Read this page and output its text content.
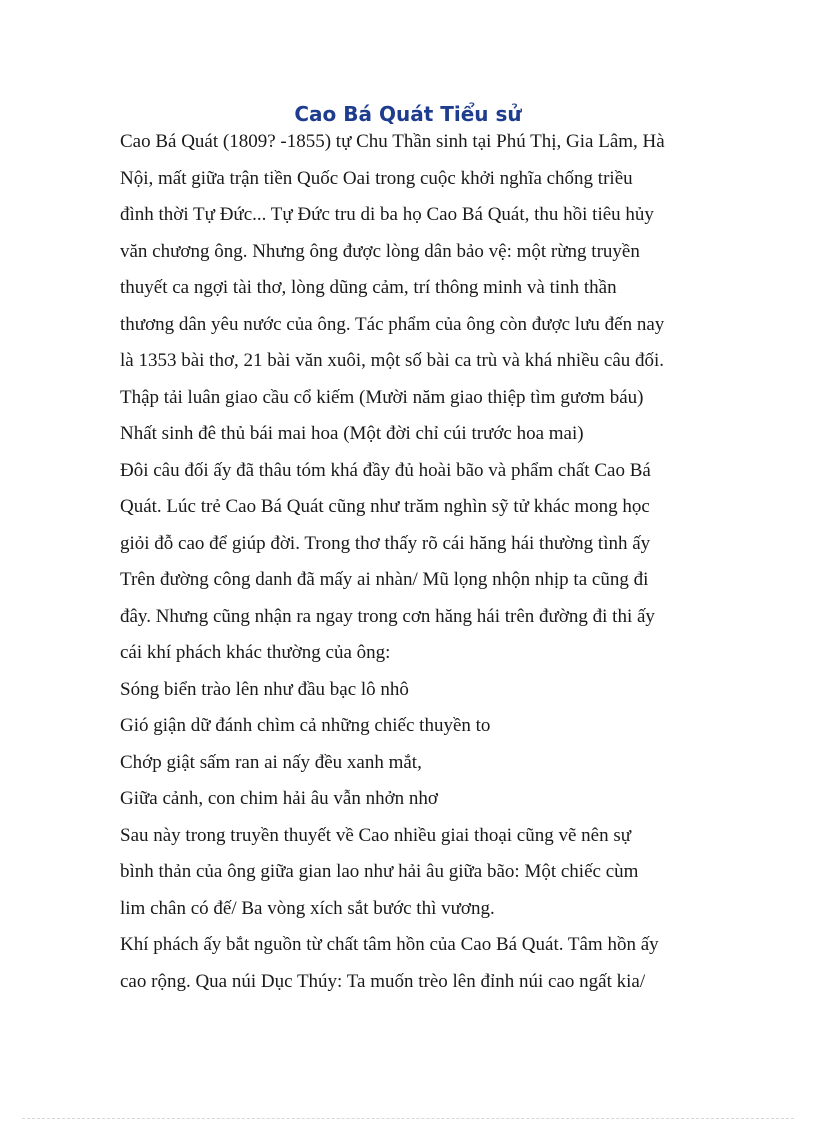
Cao Bá Quát Tiểu sử
Cao Bá Quát (1809? -1855) tự Chu Thần sinh tại Phú Thị, Gia Lâm, Hà
Nội, mất giữa trận tiền Quốc Oai trong cuộc khởi nghĩa chống triều
đình thời Tự Đức... Tự Đức tru di ba họ Cao Bá Quát, thu hồi tiêu hủy
văn chương ông. Nhưng ông được lòng dân bảo vệ: một rừng truyền
thuyết ca ngợi tài thơ, lòng dũng cảm, trí thông minh và tinh thần
thương dân yêu nước của ông. Tác phẩm của ông còn được lưu đến nay
là 1353 bài thơ, 21 bài văn xuôi, một số bài ca trù và khá nhiều câu đối.
Thập tải luân giao cầu cổ kiếm (Mười năm giao thiệp tìm gươm báu)
Nhất sinh đê thủ bái mai hoa (Một đời chỉ cúi trước hoa mai)
Đôi câu đối ấy đã thâu tóm khá đầy đủ hoài bão và phẩm chất Cao Bá
Quát. Lúc trẻ Cao Bá Quát cũng như trăm nghìn sỹ tử khác mong học
giỏi đỗ cao để giúp đời. Trong thơ thấy rõ cái hăng hái thường tình ấy
Trên đường công danh đã mấy ai nhàn/ Mũ lọng nhộn nhịp ta cũng đi
đây. Nhưng cũng nhận ra ngay trong cơn hăng hái trên đường đi thi ấy
cái khí phách khác thường của ông:
Sóng biển trào lên như đầu bạc lô nhô
Gió giận dữ đánh chìm cả những chiếc thuyền to
Chớp giật sấm ran ai nấy đều xanh mắt,
Giữa cảnh, con chim hải âu vẫn nhởn nhơ
Sau này trong truyền thuyết về Cao nhiều giai thoại cũng vẽ nên sự
bình thản của ông giữa gian lao như hải âu giữa bão: Một chiếc cùm
lim chân có đế/ Ba vòng xích sắt bước thì vương.
Khí phách ấy bắt nguồn từ chất tâm hồn của Cao Bá Quát. Tâm hồn ấy
cao rộng. Qua núi Dục Thúy: Ta muốn trèo lên đỉnh núi cao ngất kia/
